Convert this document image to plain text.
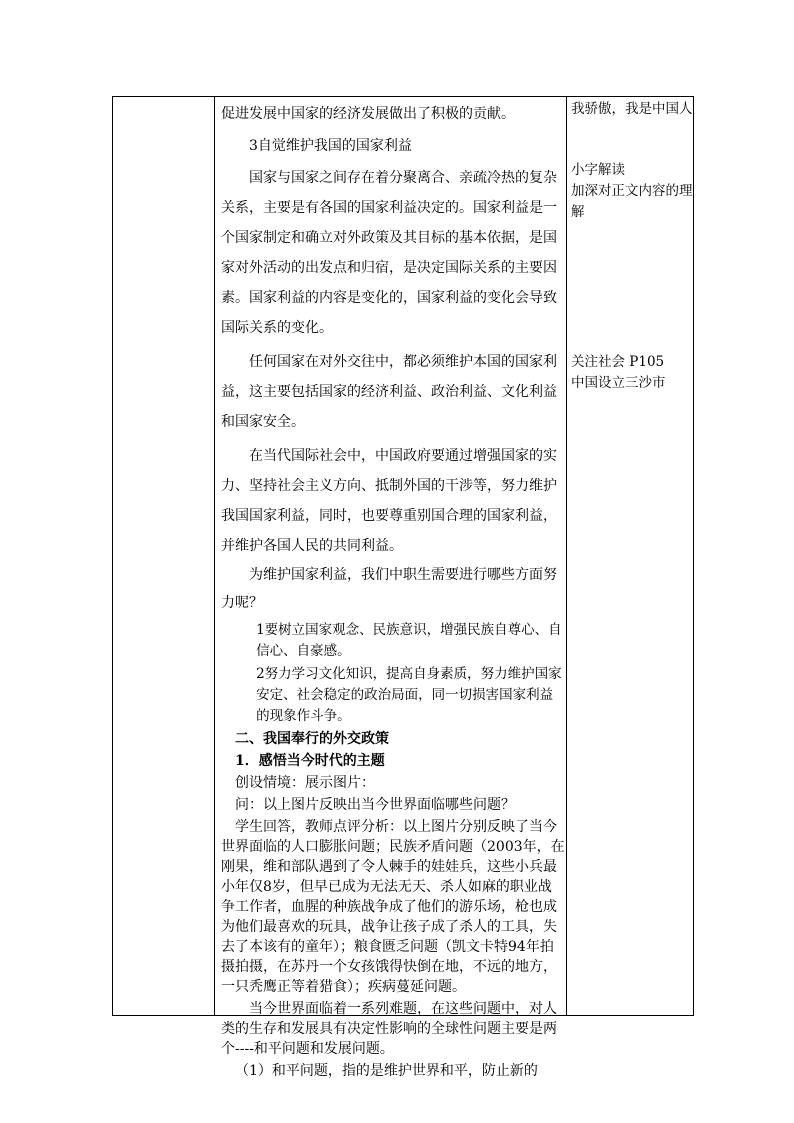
促进发展中国家的经济发展做出了积极的贡献。

3自觉维护我国的国家利益

国家与国家之间存在着分聚离合、亲疏冷热的复杂关系，主要是有各国的国家利益决定的。国家利益是一个国家制定和确立对外政策及其目标的基本依据，是国家对外活动的出发点和归宿，是决定国际关系的主要因素。国家利益的内容是变化的，国家利益的变化会导致国际关系的变化。

任何国家在对外交往中，都必须维护本国的国家利益，这主要包括国家的经济利益、政治利益、文化利益和国家安全。

在当代国际社会中，中国政府要通过增强国家的实力、坚持社会主义方向、抵制外国的干涉等，努力维护我国国家利益，同时，也要尊重别国合理的国家利益，并维护各国人民的共同利益。

为维护国家利益，我们中职生需要进行哪些方面努力呢？

1要树立国家观念、民族意识，增强民族自尊心、自信心、自豪感。

2努力学习文化知识，提高自身素质，努力维护国家安定、社会稳定的政治局面，同一切损害国家利益的现象作斗争。

二、我国奉行的外交政策

1．感悟当今时代的主题

创设情境：展示图片：

问：以上图片反映出当今世界面临哪些问题？

学生回答，教师点评分析：以上图片分别反映了当今世界面临的人口膨胀问题；民族矛盾问题（2003年，在刚果，维和部队遇到了令人棘手的娃娃兵，这些小兵最小年仅8岁，但早已成为无法无天、杀人如麻的职业战争工作者，血腥的种族战争成了他们的游乐场，枪也成为他们最喜欢的玩具，战争让孩子成了杀人的工具，失去了本该有的童年）；粮食匮乏问题（凯文卡特94年拍摄拍摄，在苏丹一个女孩饿得快倒在地，不远的地方，一只秃鹰正等着猎食）；疾病蔓延问题。

当今世界面临着一系列难题，在这些问题中，对人类的生存和发展具有决定性影响的全球性问题主要是两个----和平问题和发展问题。

（1）和平问题，指的是维护世界和平，防止新的

我骄傲，我是中国人

小字解读

加深对正文内容的理解

关注社会 P105

中国设立三沙市
